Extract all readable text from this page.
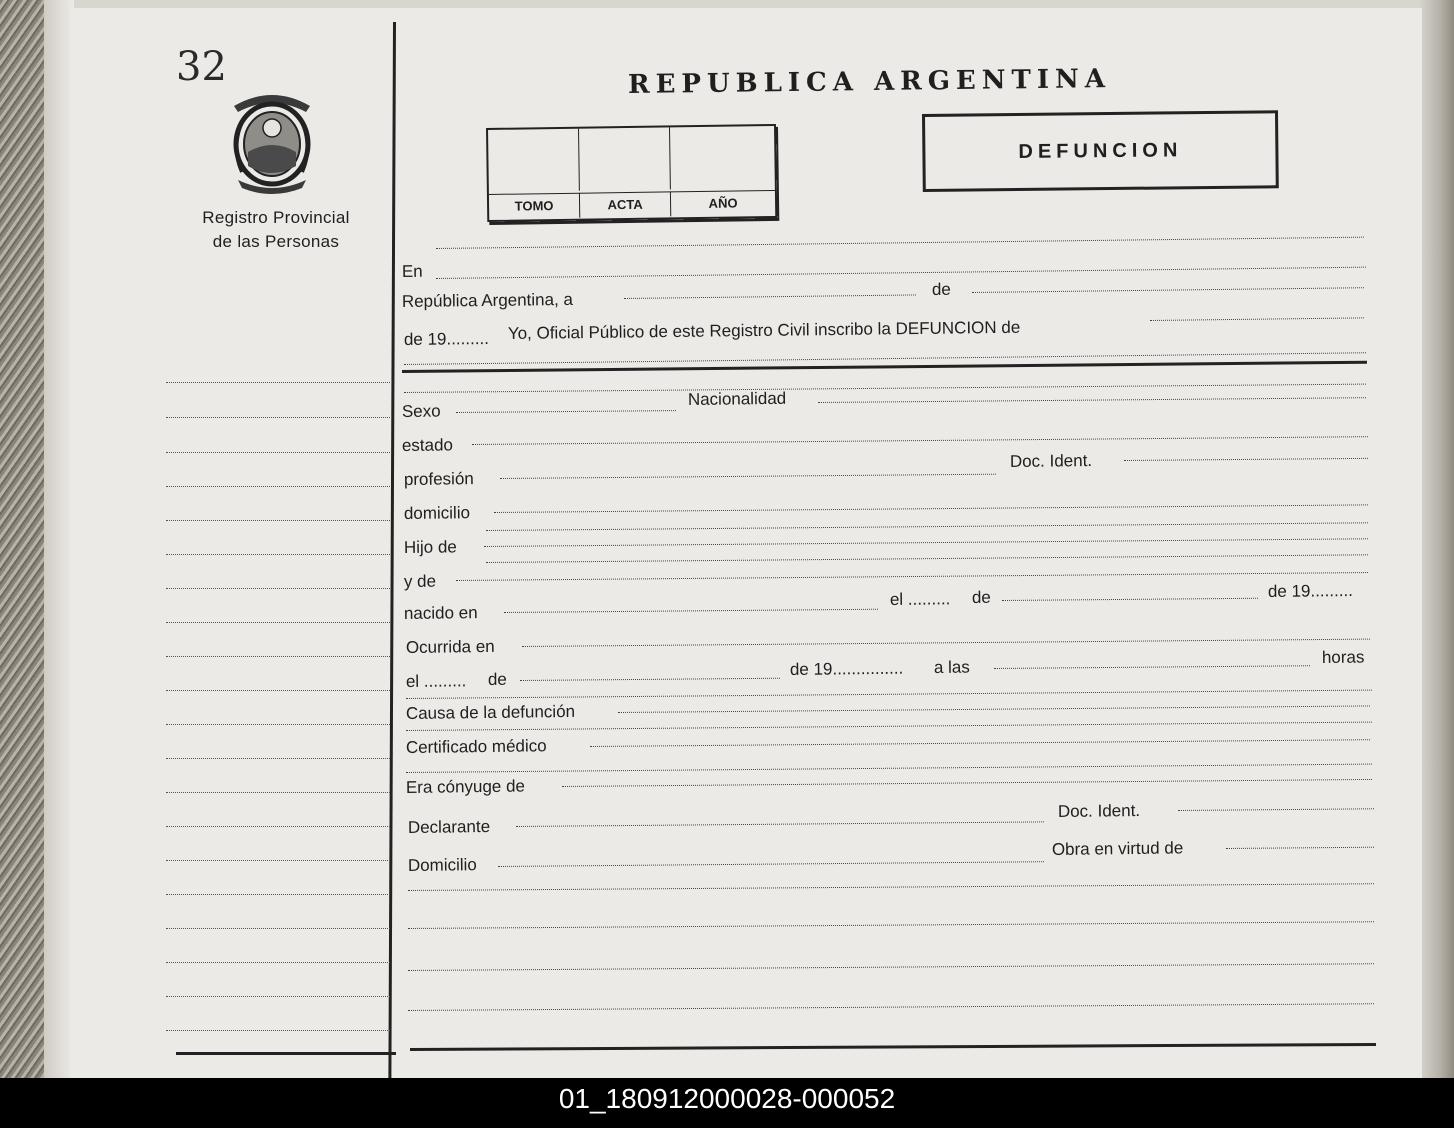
32
Registro Provincial
de las Personas
REPUBLICA ARGENTINA
TOMO	ACTA	AÑO
DEFUNCION
En
República Argentina, a
de
de 19......... Yo, Oficial Público de este Registro Civil inscribo la DEFUNCION de
Sexo
Nacionalidad
estado
profesión
Doc. Ident.
domicilio
Hijo de
y de
nacido en
el ......... de	de 19.........
Ocurrida en
el ......... de
de 19............... a las
horas
Causa de la defunción
Certificado médico
Era cónyuge de
Doc. Ident.
Declarante
Obra en virtud de
Domicilio
01_180912000028-000052
